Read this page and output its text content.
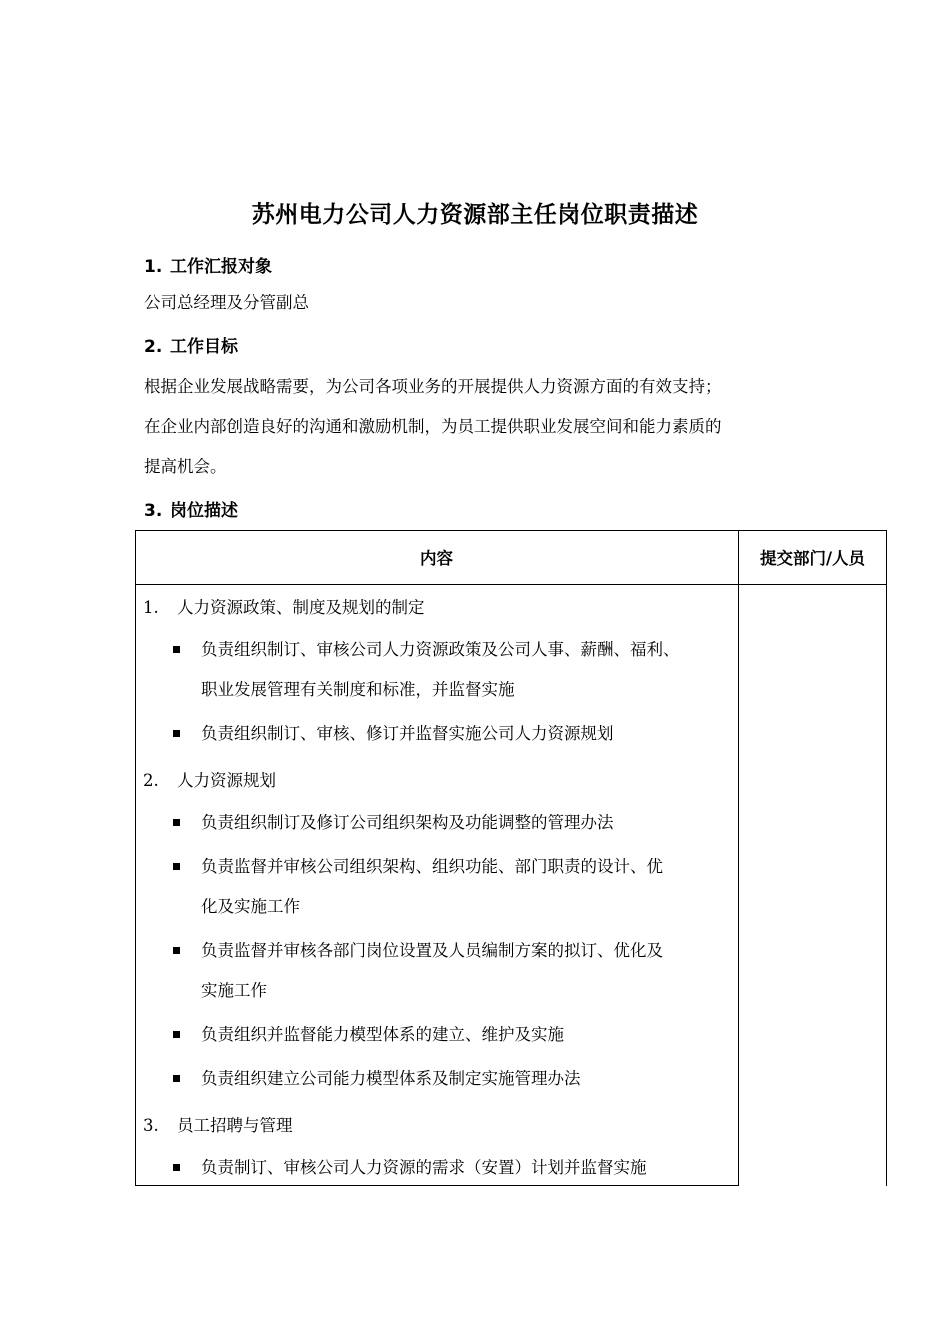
苏州电力公司人力资源部主任岗位职责描述
1. 工作汇报对象
公司总经理及分管副总
2. 工作目标
根据企业发展战略需要，为公司各项业务的开展提供人力资源方面的有效支持；
在企业内部创造良好的沟通和激励机制，为员工提供职业发展空间和能力素质的
提高机会。
3. 岗位描述
内容	提交部门/人员
1. 人力资源政策、制度及规划的制定
负责组织制订、审核公司人力资源政策及公司人事、薪酬、福利、
职业发展管理有关制度和标准，并监督实施
负责组织制订、审核、修订并监督实施公司人力资源规划
2. 人力资源规划
负责组织制订及修订公司组织架构及功能调整的管理办法
负责监督并审核公司组织架构、组织功能、部门职责的设计、优
化及实施工作
负责监督并审核各部门岗位设置及人员编制方案的拟订、优化及
实施工作
负责组织并监督能力模型体系的建立、维护及实施
负责组织建立公司能力模型体系及制定实施管理办法
3. 员工招聘与管理
负责制订、审核公司人力资源的需求（安置）计划并监督实施
